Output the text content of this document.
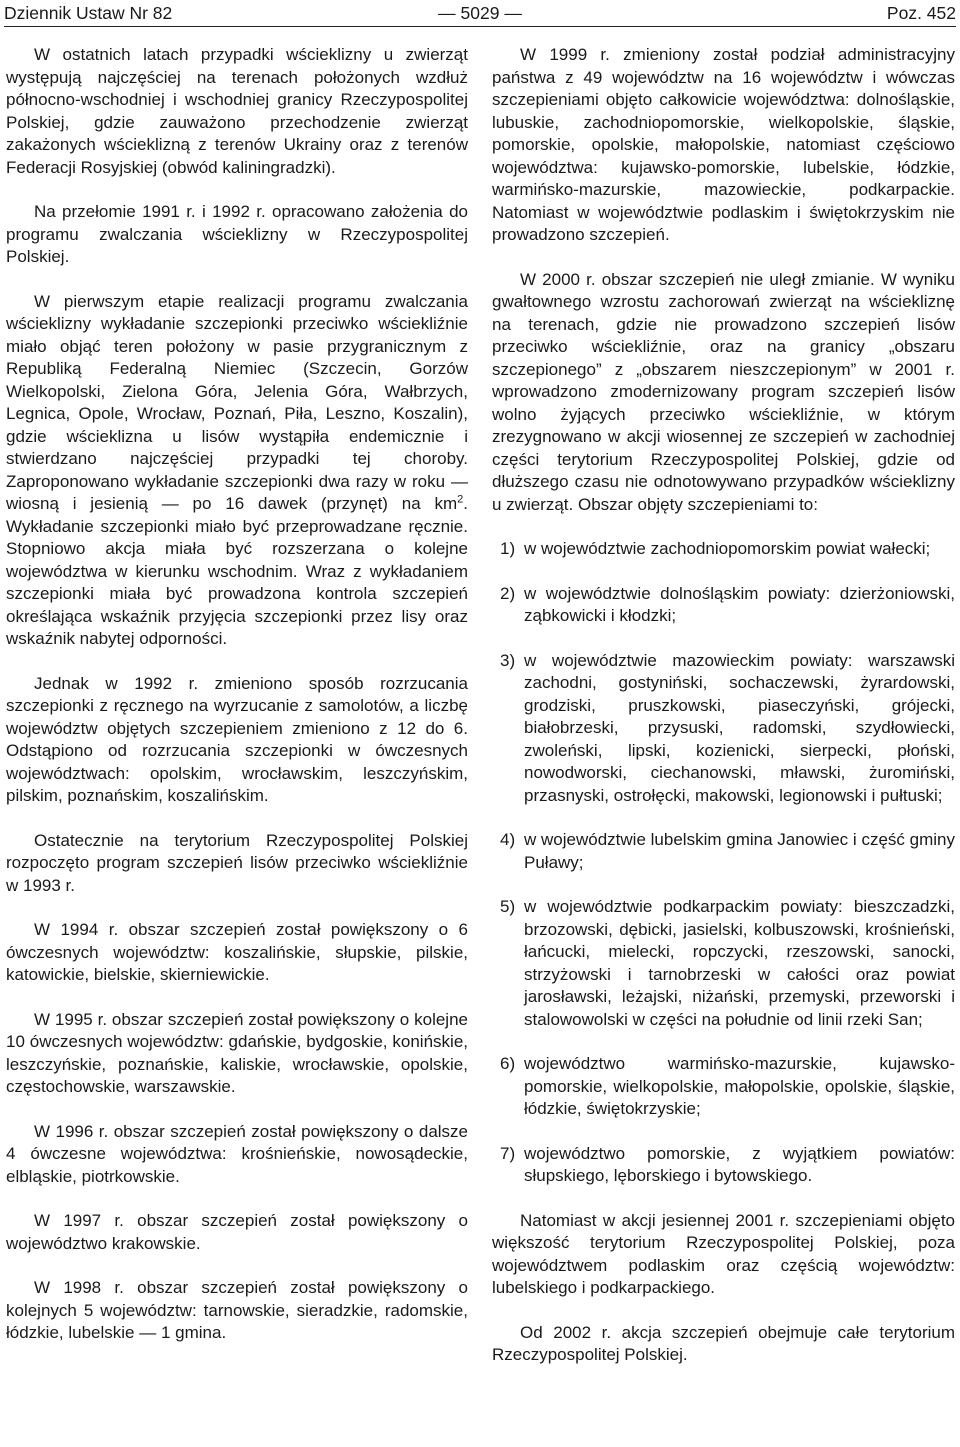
Dziennik Ustaw Nr 82	— 5029 —	Poz. 452

W ostatnich latach przypadki wścieklizny u zwierząt występują najczęściej na terenach położonych wzdłuż północno-wschodniej i wschodniej granicy Rzeczypospolitej Polskiej, gdzie zauważono przechodzenie zwierząt zakażonych wścieklizną z terenów Ukrainy oraz z terenów Federacji Rosyjskiej (obwód kaliningradzki).

Na przełomie 1991 r. i 1992 r. opracowano założenia do programu zwalczania wścieklizny w Rzeczypospolitej Polskiej.

W pierwszym etapie realizacji programu zwalczania wścieklizny wykładanie szczepionki przeciwko wściekliźnie miało objąć teren położony w pasie przygranicznym z Republiką Federalną Niemiec (Szczecin, Gorzów Wielkopolski, Zielona Góra, Jelenia Góra, Wałbrzych, Legnica, Opole, Wrocław, Poznań, Piła, Leszno, Koszalin), gdzie wścieklizna u lisów wystąpiła endemicznie i stwierdzano najczęściej przypadki tej choroby. Zaproponowano wykładanie szczepionki dwa razy w roku — wiosną i jesienią — po 16 dawek (przynęt) na $km^2$. Wykładanie szczepionki miało być przeprowadzane ręcznie. Stopniowo akcja miała być rozszerzana o kolejne województwa w kierunku wschodnim. Wraz z wykładaniem szczepionki miała być prowadzona kontrola szczepień określająca wskaźnik przyjęcia szczepionki przez lisy oraz wskaźnik nabytej odporności.

Jednak w 1992 r. zmieniono sposób rozrzucania szczepionki z ręcznego na wyrzucanie z samolotów, a liczbę województw objętych szczepieniem zmieniono z 12 do 6. Odstąpiono od rozrzucania szczepionki w ówczesnych województwach: opolskim, wrocławskim, leszczyńskim, pilskim, poznańskim, koszalińskim.

Ostatecznie na terytorium Rzeczypospolitej Polskiej rozpoczęto program szczepień lisów przeciwko wściekliźnie w 1993 r.

W 1994 r. obszar szczepień został powiększony o 6 ówczesnych województw: koszalińskie, słupskie, pilskie, katowickie, bielskie, skierniewickie.

W 1995 r. obszar szczepień został powiększony o kolejne 10 ówczesnych województw: gdańskie, bydgoskie, konińskie, leszczyńskie, poznańskie, kaliskie, wrocławskie, opolskie, częstochowskie, warszawskie.

W 1996 r. obszar szczepień został powiększony o dalsze 4 ówczesne województwa: krośnieńskie, nowosądeckie, elbląskie, piotrkowskie.

W 1997 r. obszar szczepień został powiększony o województwo krakowskie.

W 1998 r. obszar szczepień został powiększony o kolejnych 5 województw: tarnowskie, sieradzkie, radomskie, łódzkie, lubelskie — 1 gmina.

W 1999 r. zmieniony został podział administracyjny państwa z 49 województw na 16 województw i wówczas szczepieniami objęto całkowicie województwa: dolnośląskie, lubuskie, zachodniopomorskie, wielkopolskie, śląskie, pomorskie, opolskie, małopolskie, natomiast częściowo województwa: kujawsko-pomorskie, lubelskie, łódzkie, warmińsko-mazurskie, mazowieckie, podkarpackie. Natomiast w województwie podlaskim i świętokrzyskim nie prowadzono szczepień.

W 2000 r. obszar szczepień nie uległ zmianie. W wyniku gwałtownego wzrostu zachorowań zwierząt na wściekliznę na terenach, gdzie nie prowadzono szczepień lisów przeciwko wściekliźnie, oraz na granicy „obszaru szczepionego” z „obszarem nieszczepionym” w 2001 r. wprowadzono zmodernizowany program szczepień lisów wolno żyjących przeciwko wściekliźnie, w którym zrezygnowano w akcji wiosennej ze szczepień w zachodniej części terytorium Rzeczypospolitej Polskiej, gdzie od dłuższego czasu nie odnotowywano przypadków wścieklizny u zwierząt. Obszar objęty szczepieniami to:

1) w województwie zachodniopomorskim powiat wałecki;
2) w województwie dolnośląskim powiaty: dzierżoniowski, ząbkowicki i kłodzki;
3) w województwie mazowieckim powiaty: warszawski zachodni, gostyniński, sochaczewski, żyrardowski, grodziski, pruszkowski, piaseczyński, grójecki, białobrzeski, przysuski, radomski, szydłowiecki, zwoleński, lipski, kozienicki, sierpecki, płoński, nowodworski, ciechanowski, mławski, żuromiński, przasnyski, ostrołęcki, makowski, legionowski i pułtuski;
4) w województwie lubelskim gmina Janowiec i część gminy Puławy;
5) w województwie podkarpackim powiaty: bieszczadzki, brzozowski, dębicki, jasielski, kolbuszowski, krośnieński, łańcucki, mielecki, ropczycki, rzeszowski, sanocki, strzyżowski i tarnobrzeski w całości oraz powiat jarosławski, leżajski, niżański, przemyski, przeworski i stalowowolski w części na południe od linii rzeki San;
6) województwo warmińsko-mazurskie, kujawsko-pomorskie, wielkopolskie, małopolskie, opolskie, śląskie, łódzkie, świętokrzyskie;
7) województwo pomorskie, z wyjątkiem powiatów: słupskiego, lęborskiego i bytowskiego.

Natomiast w akcji jesiennej 2001 r. szczepieniami objęto większość terytorium Rzeczypospolitej Polskiej, poza województwem podlaskim oraz częścią województw: lubelskiego i podkarpackiego.

Od 2002 r. akcja szczepień obejmuje całe terytorium Rzeczypospolitej Polskiej.
